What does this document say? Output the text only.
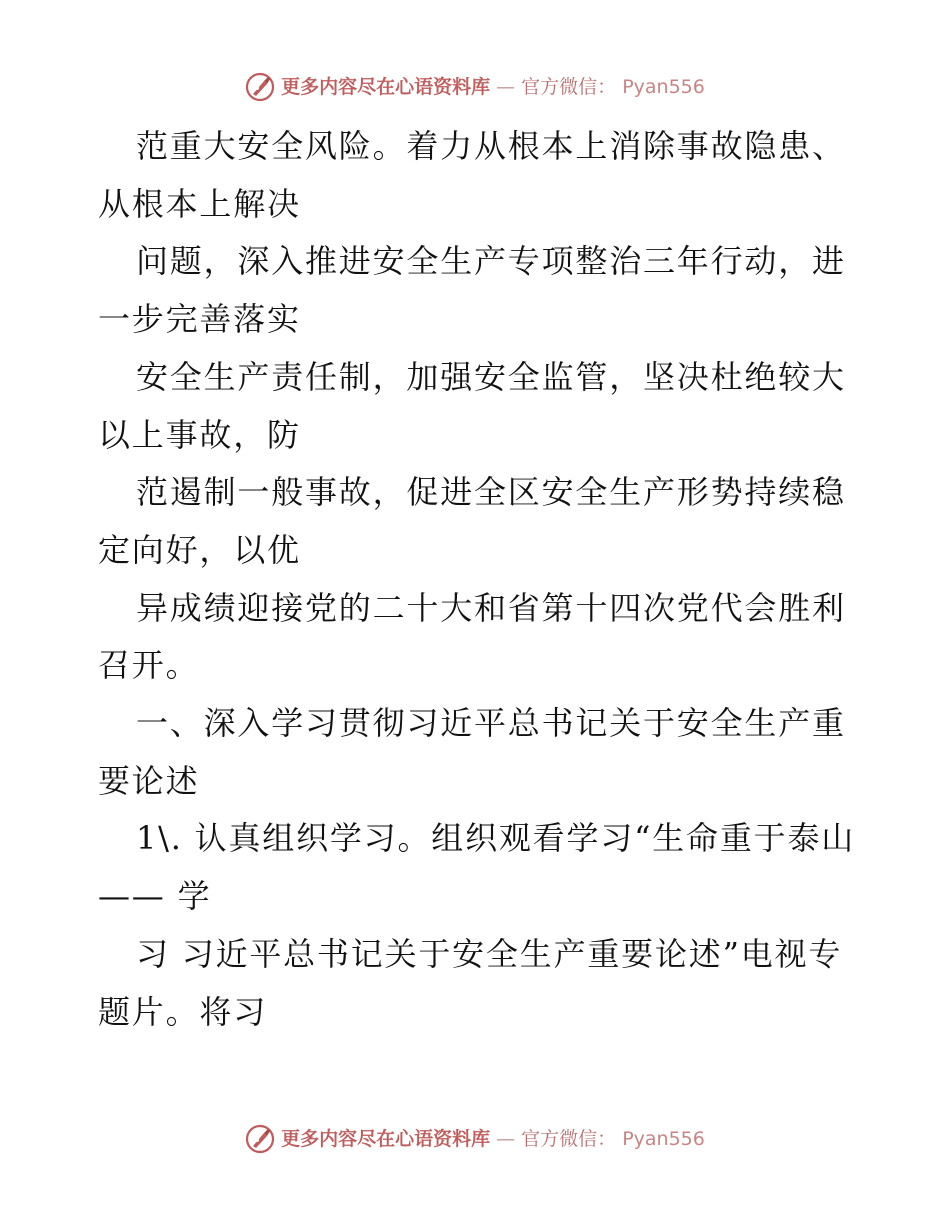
更多内容尽在心语资料库 — 官方微信： Pyan556

范重大安全风险。着力从根本上消除事故隐患、从根本上解决

问题，深入推进安全生产专项整治三年行动，进一步完善落实

安全生产责任制，加强安全监管，坚决杜绝较大以上事故，防

范遏制一般事故，促进全区安全生产形势持续稳定向好，以优

异成绩迎接党的二十大和省第十四次党代会胜利召开。

一、深入学习贯彻习近平总书记关于安全生产重要论述

1\. 认真组织学习。组织观看学习“生命重于泰山—— 学

习 习近平总书记关于安全生产重要论述”电视专题片。将习

更多内容尽在心语资料库 — 官方微信： Pyan556
